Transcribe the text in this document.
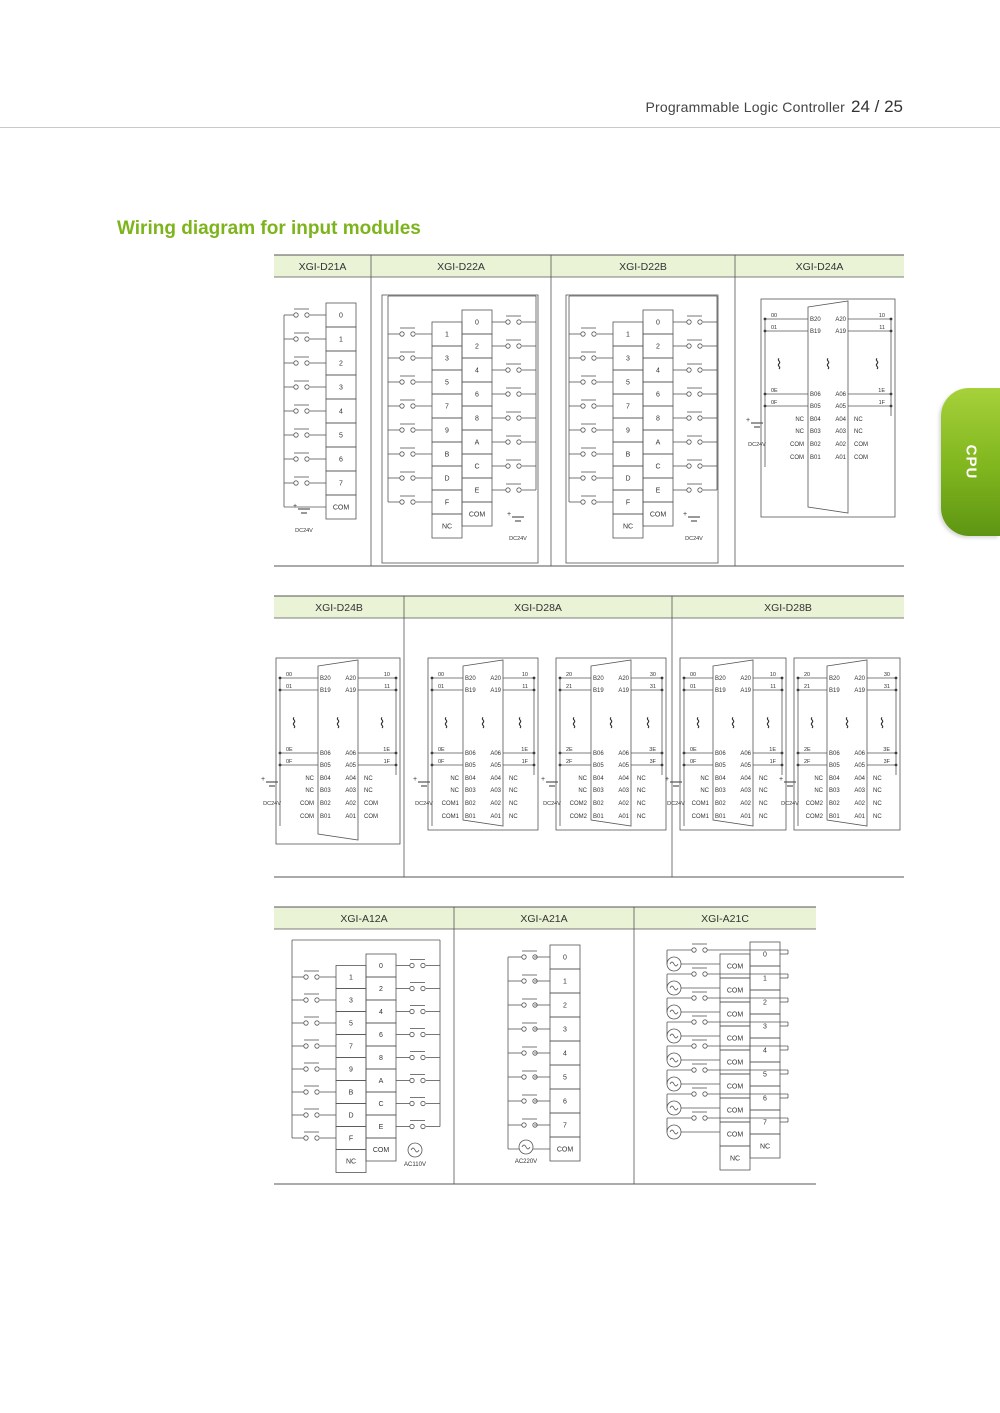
Programmable Logic Controller 24 / 25
Wiring diagram for input modules
CPU
XGI-D21A	XGI-D22A	XGI-D22B	XGI-D24A
0
1
2
3
4
5
6
7
COM
+
DC24V
1
3
5
7
9
B
D
F
NC
0
2
4
6
8
A
C
E
COM	+
DC24V
1
3
5
7
9
B
D
F
NC
0
2
4
6
8
A
C
E
COM +
DC24V
B20 A20
00	10
B19 A19
01	11
⌇	⌇	⌇
B06 A06
0E	1E
B05 A05
0F	1F
B04 A04
NC	NC
B03 A03
NC	NC
B02 A02
COM	COM
B01 A01
COM	COM
+
DC24V
XGI-D24B	XGI-D28A	XGI-D28B
B20 A20
00	10
B19 A19
01	11
⌇	⌇	⌇
B06 A06
0E	1E
B05 A05
0F	1F
B04 A04
NC	NC
B03 A03
NC	NC
B02 A02
COM	COM
B01 A01
COM	COM
+
DC24V
B20 A20
00	10
B19 A19
01	11
⌇ ⌇ ⌇
B06 A06
0E	1E
B05 A05
0F	1F
B04 A04
NC	NC
B03 A03
NC	NC
B02 A02
COM1	NC
B01 A01
COM1	NC
+
DC24V
B20 A20
20	30
B19 A19
21	31
⌇ ⌇ ⌇
B06 A06
2E	3E
B05 A05
2F	3F
B04 A04
NC	NC
B03 A03
NC	NC
B02 A02
COM2	NC
B01 A01
COM2	NC
+
DC24V
B20 A20
00	10
B19 A19
01	11
⌇ ⌇ ⌇
B06 A06
0E	1E
B05 A05
0F	1F
B04 A04
NC	NC
B03 A03
NC	NC
B02 A02
COM1	NC
B01 A01
COM1	NC
+
DC24V
B20 A20
20	30
B19 A19
21	31
⌇ ⌇ ⌇
B06 A06
2E	3E
B05 A05
2F	3F
B04 A04
NC	NC
B03 A03
NC	NC
B02 A02
COM2	NC
B01 A01
COM2	NC
+
DC24V
XGI-A12A	XGI-A21A	XGI-A21C
1
3
5
7
9
B
D
F
NC
0
2
4
6
8
A
C
E
COM
AC110V
0
1
2
3
4
5
6
7
COM
AC220V
0
1
2
3
4
5
6
7
NC
COM
COM
COM
COM
COM
COM
COM
COM
NC
